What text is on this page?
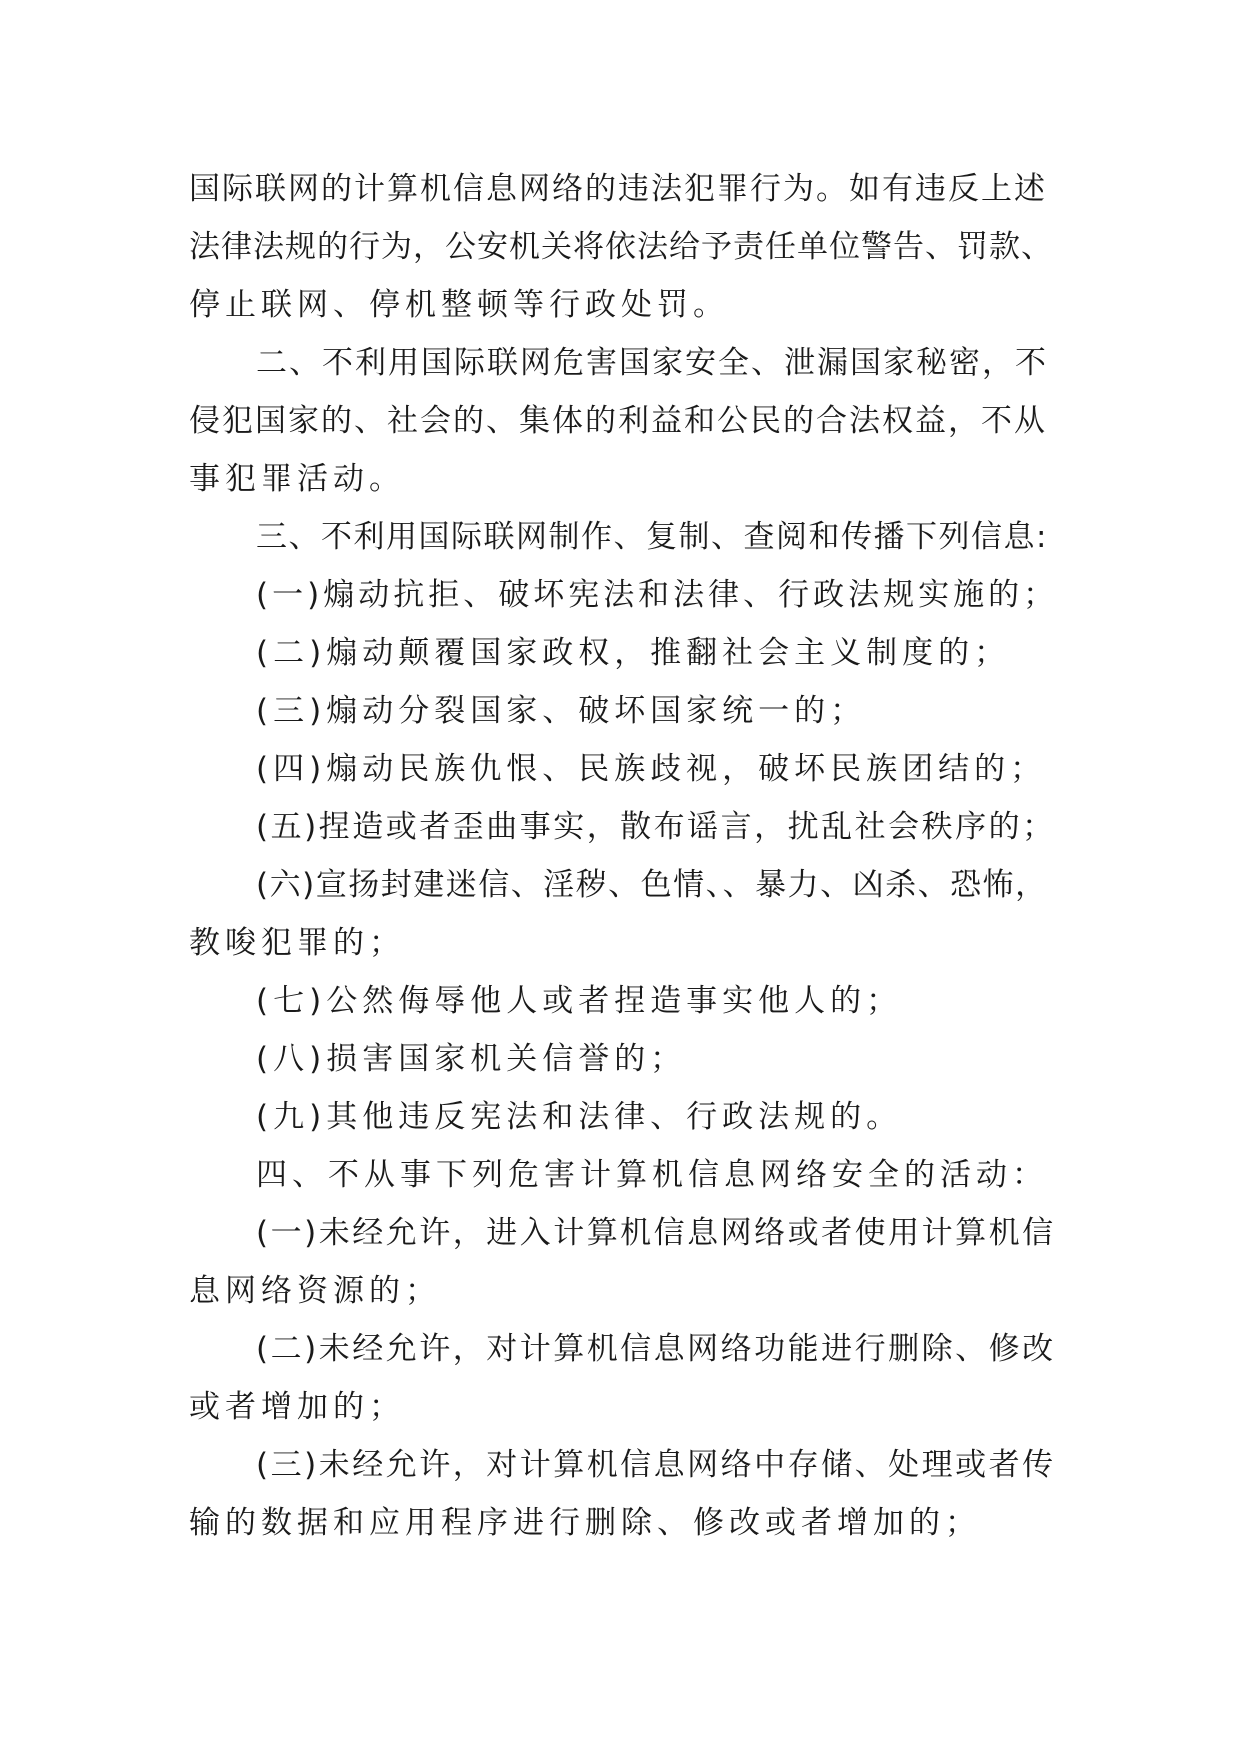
国际联网的计算机信息网络的违法犯罪行为。如有违反上述
法律法规的行为，公安机关将依法给予责任单位警告、罚款、
停止联网、停机整顿等行政处罚。
二、不利用国际联网危害国家安全、泄漏国家秘密，不
侵犯国家的、社会的、集体的利益和公民的合法权益，不从
事犯罪活动。
三、不利用国际联网制作、复制、查阅和传播下列信息:
(一)煽动抗拒、破坏宪法和法律、行政法规实施的；
(二)煽动颠覆国家政权，推翻社会主义制度的；
(三)煽动分裂国家、破坏国家统一的；
(四)煽动民族仇恨、民族歧视，破坏民族团结的；
(五)捏造或者歪曲事实，散布谣言，扰乱社会秩序的；
(六)宣扬封建迷信、淫秽、色情、、暴力、凶杀、恐怖，
教唆犯罪的；
(七)公然侮辱他人或者捏造事实他人的；
(八)损害国家机关信誉的；
(九)其他违反宪法和法律、行政法规的。
四、不从事下列危害计算机信息网络安全的活动：
(一)未经允许，进入计算机信息网络或者使用计算机信
息网络资源的；
(二)未经允许，对计算机信息网络功能进行删除、修改
或者增加的；
(三)未经允许，对计算机信息网络中存储、处理或者传
输的数据和应用程序进行删除、修改或者增加的；
